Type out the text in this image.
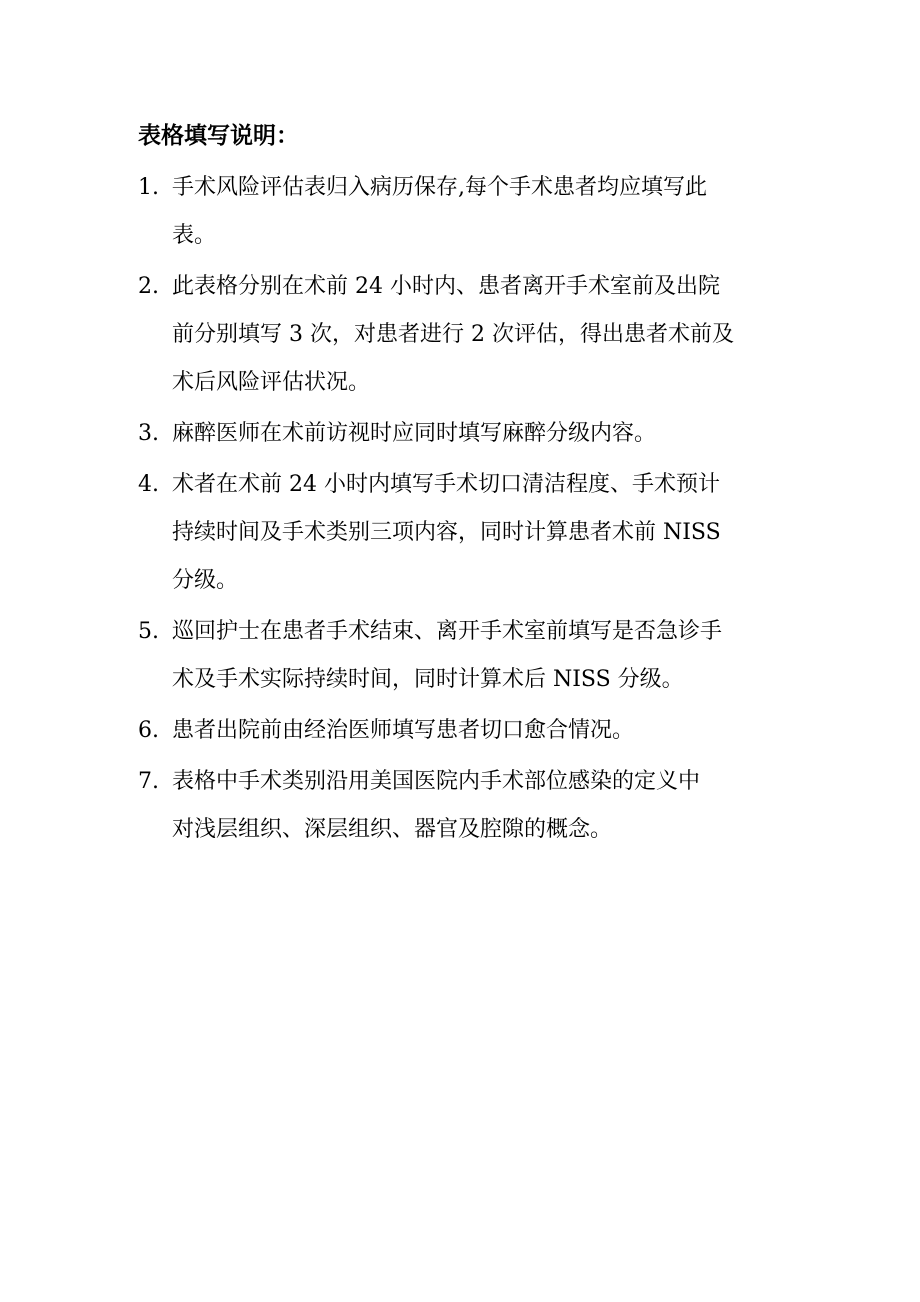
表格填写说明：
1. 手术风险评估表归入病历保存,每个手术患者均应填写此
表。
2. 此表格分别在术前 24 小时内、患者离开手术室前及出院
前分别填写 3 次，对患者进行 2 次评估，得出患者术前及
术后风险评估状况。
3. 麻醉医师在术前访视时应同时填写麻醉分级内容。
4. 术者在术前 24 小时内填写手术切口清洁程度、手术预计
持续时间及手术类别三项内容，同时计算患者术前 NISS
分级。
5. 巡回护士在患者手术结束、离开手术室前填写是否急诊手
术及手术实际持续时间，同时计算术后 NISS 分级。
6. 患者出院前由经治医师填写患者切口愈合情况。
7. 表格中手术类别沿用美国医院内手术部位感染的定义中
对浅层组织、深层组织、器官及腔隙的概念。
